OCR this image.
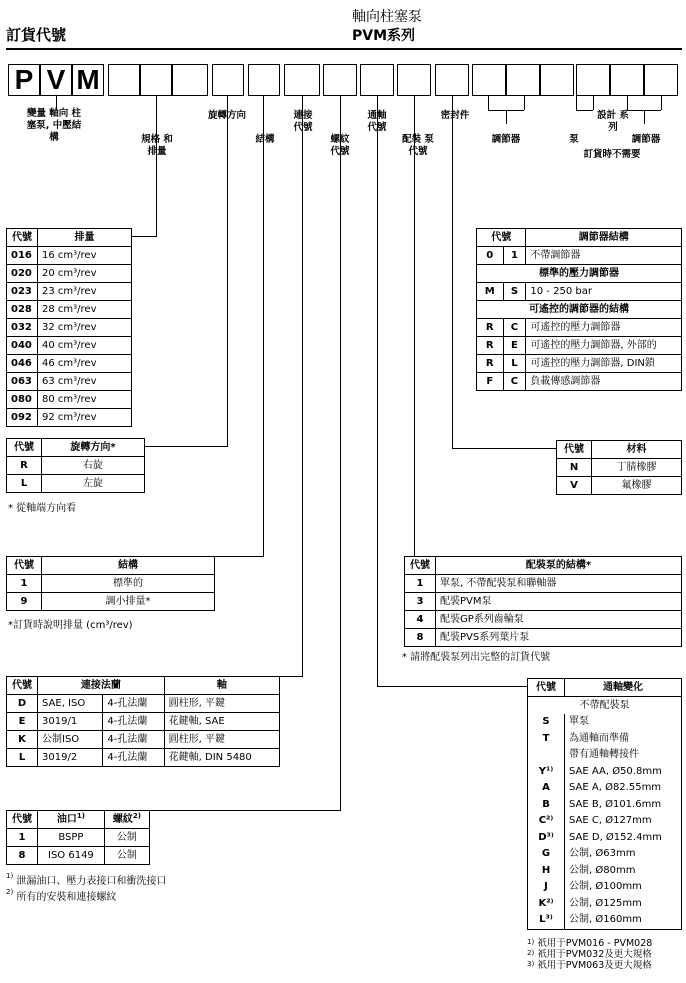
訂貨代號
軸向柱塞泵
PVM系列
P V M
變量 軸向 柱塞泵, 中壓結構	規格 和 排量
旋轉方向
結構
連接 代號
螺紋 代號
通軸 代號
配裝 泵代號
密封件
調節器	泵
設計 系列
調節器
訂貨時不需要
代號	排量
016	16 cm³/rev
020	20 cm³/rev
023	23 cm³/rev
028	28 cm³/rev
032	32 cm³/rev
040	40 cm³/rev
046	46 cm³/rev
063	63 cm³/rev
080	80 cm³/rev
092	92 cm³/rev
代號	旋轉方向*
R	右旋
L	左旋
* 從軸端方向看
代號	結構
1	標準的
9	調小排量*
*訂貨時說明排量 (cm³/rev)
代號	連接法蘭		軸
D	SAE, ISO	4-孔法蘭	圓柱形, 平鍵
E	3019/1	4-孔法蘭	花鍵軸, SAE
K	公制ISO	4-孔法蘭	圓柱形, 平鍵
L	3019/2	4-孔法蘭	花鍵軸, DIN 5480
代號	油口$^{1)}$	螺紋$^{2)}$
1	BSPP	公制
8	ISO 6149	公制
$^{1)}$ 泄漏油口、壓力表接口和衝洗接口
$^{2)}$ 所有的安裝和連接螺紋
代號		調節器結構
0	1	不帶調節器
標準的壓力調節器		
M	S	10 - 250 bar
可遙控的調節器的結構		
R	C	可遙控的壓力調節器
R	E	可遙控的壓力調節器, 外部的
R	L	可遙控的壓力調節器, DIN鎖
F	C	負載傳感調節器
代號	材料
N	丁腈橡膠
V	氟橡膠
代號	配裝泵的結構*
1	單泵, 不帶配裝泵和聯軸器
3	配裝PVM泵
4	配裝GP系列齒輪泵
8	配裝PVS系列葉片泵
* 請將配裝泵列出完整的訂貨代號
代號	通軸變化
不帶配裝泵	
S	單泵
T	為通軸而準備
	帶有通軸轉接件
Y¹⁾	SAE AA, Ø50.8mm
A	SAE A, Ø82.55mm
B	SAE B, Ø101.6mm
C²⁾	SAE C, Ø127mm
D³⁾	SAE D, Ø152.4mm
G	公制, Ø63mm
H	公制, Ø80mm
J	公制, Ø100mm
K²⁾	公制, Ø125mm
L³⁾	公制, Ø160mm
$^{1)}$ 祇用于PVM016 - PVM028
$^{2)}$ 祇用于PVM032及更大規格
$^{3)}$ 祇用于PVM063及更大規格
